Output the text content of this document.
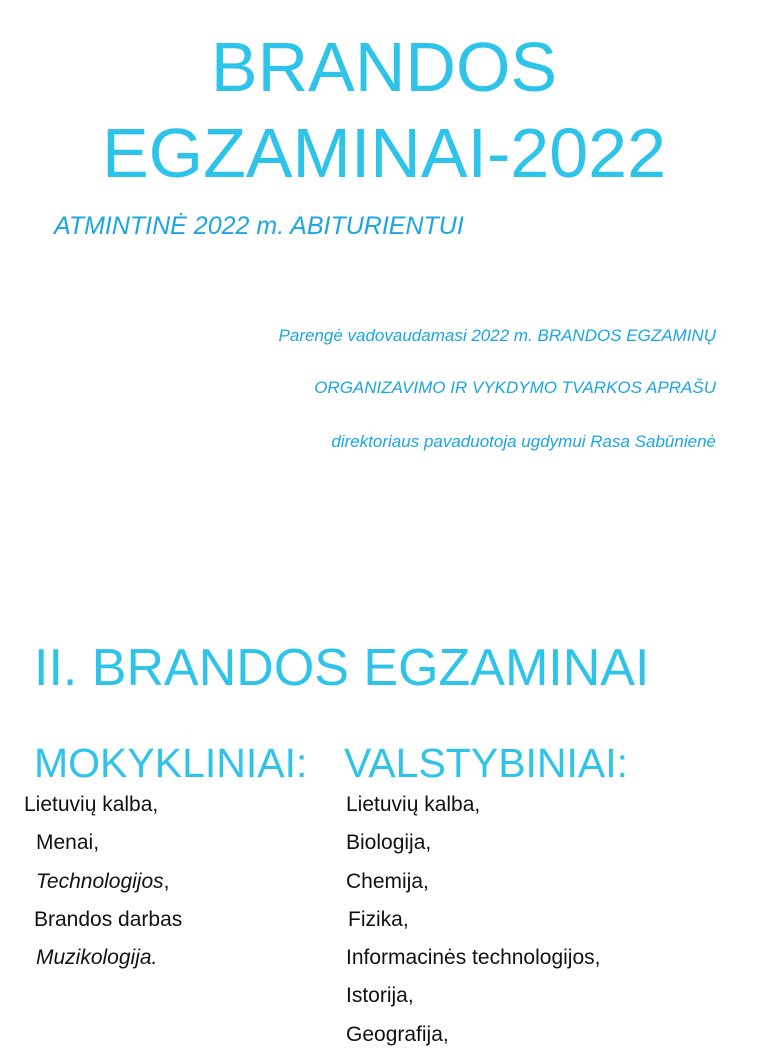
BRANDOS
EGZAMINAI-2022
ATMINTINĖ 2022 m. ABITURIENTUI
Parengė vadovaudamasi 2022 m. BRANDOS EGZAMINŲ
ORGANIZAVIMO IR VYKDYMO TVARKOS APRAŠU
direktoriaus pavaduotoja ugdymui Rasa Sabūnienė
II. BRANDOS EGZAMINAI
MOKYKLINIAI: VALSTYBINIAI:
Lietuvių kalba,
Menai,
Technologijos,
Brandos darbas
Muzikologija.
Lietuvių kalba,
Biologija,
Chemija,
Fizika,
Informacinės technologijos,
Istorija,
Geografija,
